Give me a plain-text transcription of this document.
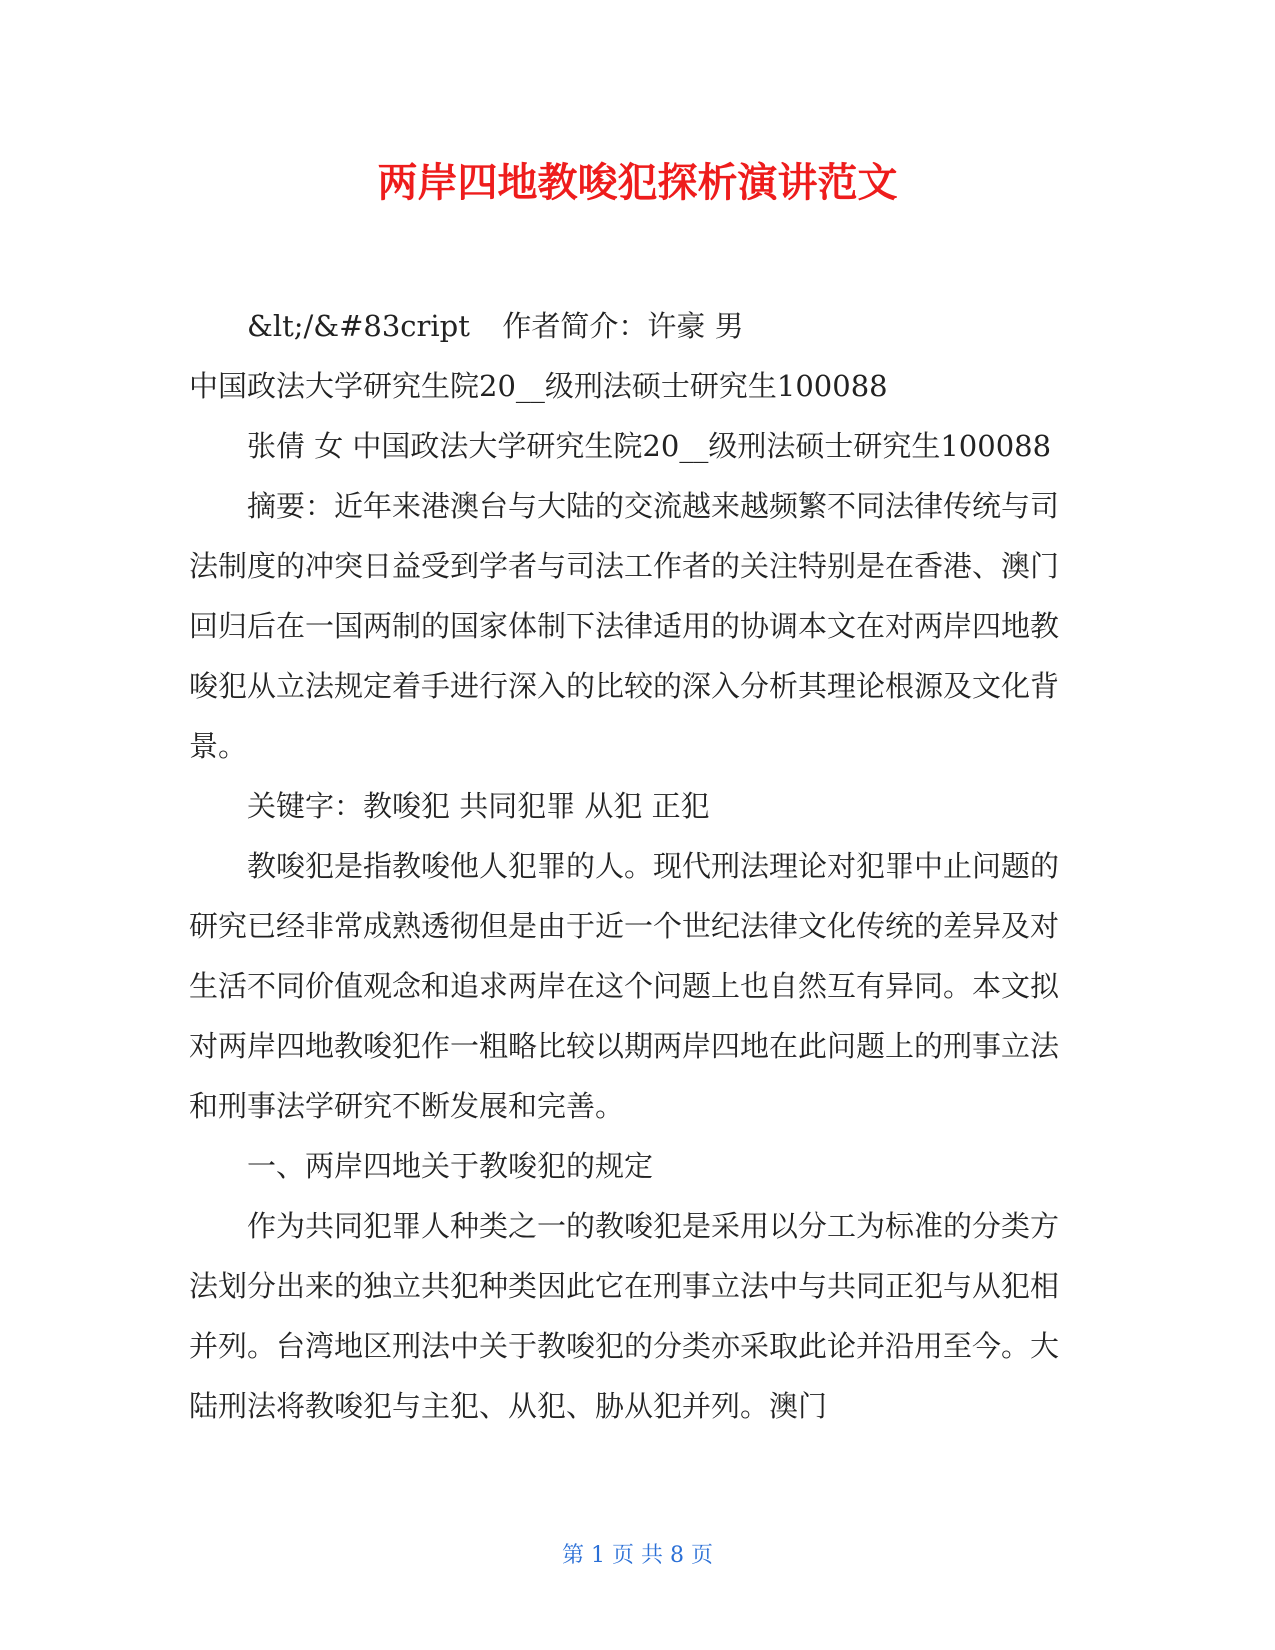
两岸四地教唆犯探析演讲范文

&lt;/&#83cript	作者简介：许豪 男

中国政法大学研究生院20__级刑法硕士研究生100088

张倩 女 中国政法大学研究生院20__级刑法硕士研究生100088

摘要：近年来港澳台与大陆的交流越来越频繁不同法律传统与司法制度的冲突日益受到学者与司法工作者的关注特别是在香港、澳门回归后在一国两制的国家体制下法律适用的协调本文在对两岸四地教唆犯从立法规定着手进行深入的比较的深入分析其理论根源及文化背景。

关键字：教唆犯 共同犯罪 从犯 正犯

教唆犯是指教唆他人犯罪的人。现代刑法理论对犯罪中止问题的研究已经非常成熟透彻但是由于近一个世纪法律文化传统的差异及对生活不同价值观念和追求两岸在这个问题上也自然互有异同。本文拟对两岸四地教唆犯作一粗略比较以期两岸四地在此问题上的刑事立法和刑事法学研究不断发展和完善。

一、两岸四地关于教唆犯的规定

作为共同犯罪人种类之一的教唆犯是采用以分工为标准的分类方法划分出来的独立共犯种类因此它在刑事立法中与共同正犯与从犯相并列。台湾地区刑法中关于教唆犯的分类亦采取此论并沿用至今。大陆刑法将教唆犯与主犯、从犯、胁从犯并列。澳门

第 1 页 共 8 页
